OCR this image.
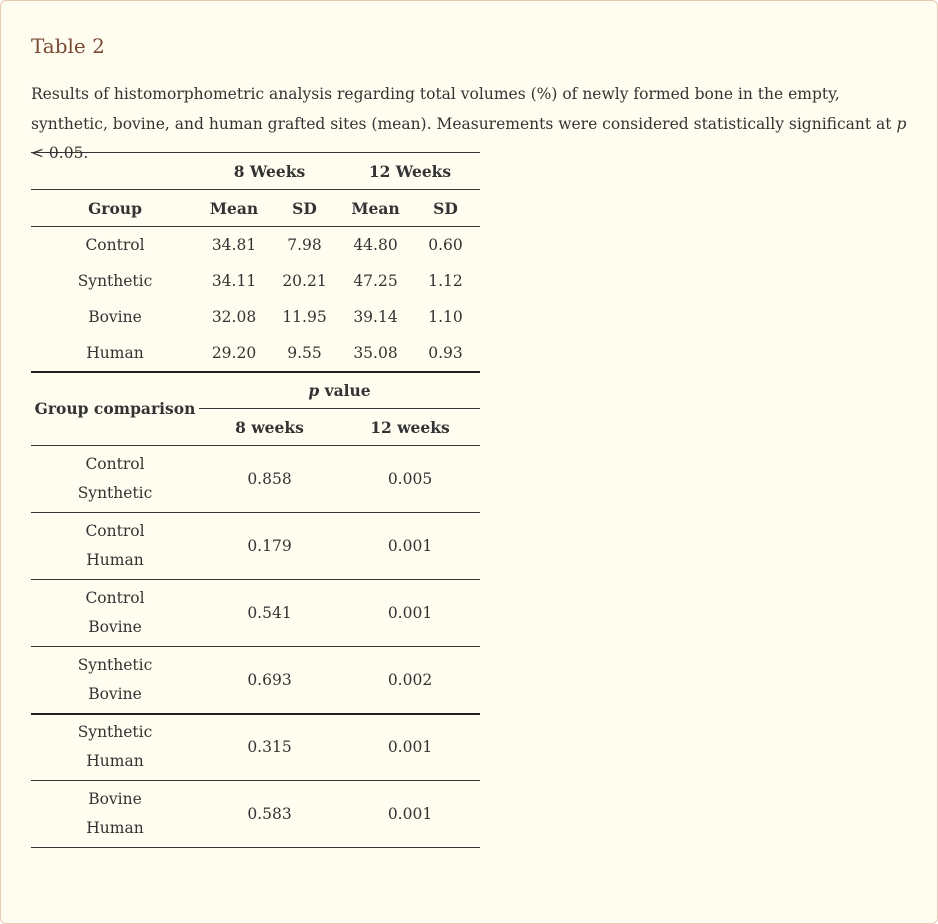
Table 2

Results of histomorphometric analysis regarding total volumes (%) of newly formed bone in the empty, synthetic, bovine, and human grafted sites (mean). Measurements were considered statistically significant at p < 0.05.

	8 Weeks		12 Weeks	
Group	Mean	SD	Mean	SD
Control	34.81	7.98	44.80	0.60
Synthetic	34.11	20.21	47.25	1.12
Bovine	32.08	11.95	39.14	1.10
Human	29.20	9.55	35.08	0.93
Group comparison	p value			
	8 weeks		12 weeks	

Control
Synthetic	0.858		0.005	

Control
Human	0.179		0.001	

Control
Bovine	0.541		0.001	

Synthetic
Bovine	0.693		0.002	

Synthetic
Human	0.315		0.001	

Bovine
Human	0.583		0.001	
